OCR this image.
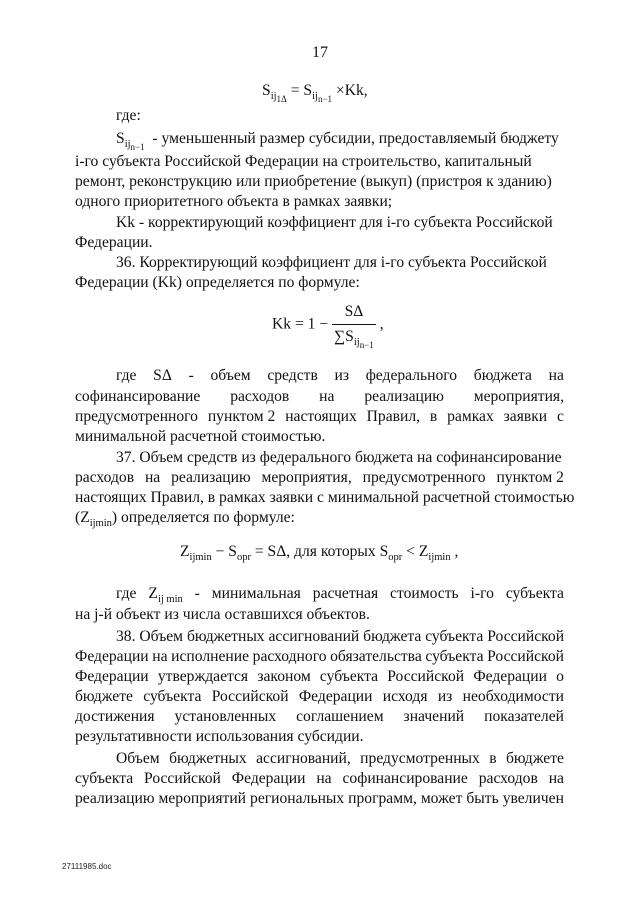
17
$S_{ij_{1\Delta}} = S_{ij_{n-1}} \times Kk$,
где:
$S_{ij_{n-1}}$ - уменьшенный размер субсидии, предоставляемый бюджету
i-го субъекта Российской Федерации на строительство, капитальный
ремонт, реконструкцию или приобретение (выкуп) (пристроя к зданию)
одного приоритетного объекта в рамках заявки;
Kk - корректирующий коэффициент для i-го субъекта Российской
Федерации.
36. Корректирующий коэффициент для i-го субъекта Российской
Федерации (Kk) определяется по формуле:
$Kk = 1 - \frac{S\Delta}{\sum S_{ij_{n-1}}}$ ,
где SΔ - объем средств из федерального бюджета на
софинансирование расходов на реализацию мероприятия,
предусмотренного пунктом 2 настоящих Правил, в рамках заявки с
минимальной расчетной стоимостью.
37. Объем средств из федерального бюджета на софинансирование
расходов на реализацию мероприятия, предусмотренного пунктом 2
настоящих Правил, в рамках заявки с минимальной расчетной стоимостью
$(Z_{ijmin})$ определяется по формуле:
$Z_{ijmin} - S_{opr} = S\Delta$, для которых $S_{opr} < Z_{ijmin}$ ,
где $Z_{ij min}$ - минимальная расчетная стоимость i-го субъекта
на j-й объект из числа оставшихся объектов.
38. Объем бюджетных ассигнований бюджета субъекта Российской
Федерации на исполнение расходного обязательства субъекта Российской
Федерации утверждается законом субъекта Российской Федерации о
бюджете субъекта Российской Федерации исходя из необходимости
достижения установленных соглашением значений показателей
результативности использования субсидии.
Объем бюджетных ассигнований, предусмотренных в бюджете
субъекта Российской Федерации на софинансирование расходов на
реализацию мероприятий региональных программ, может быть увеличен
27111985.doc
